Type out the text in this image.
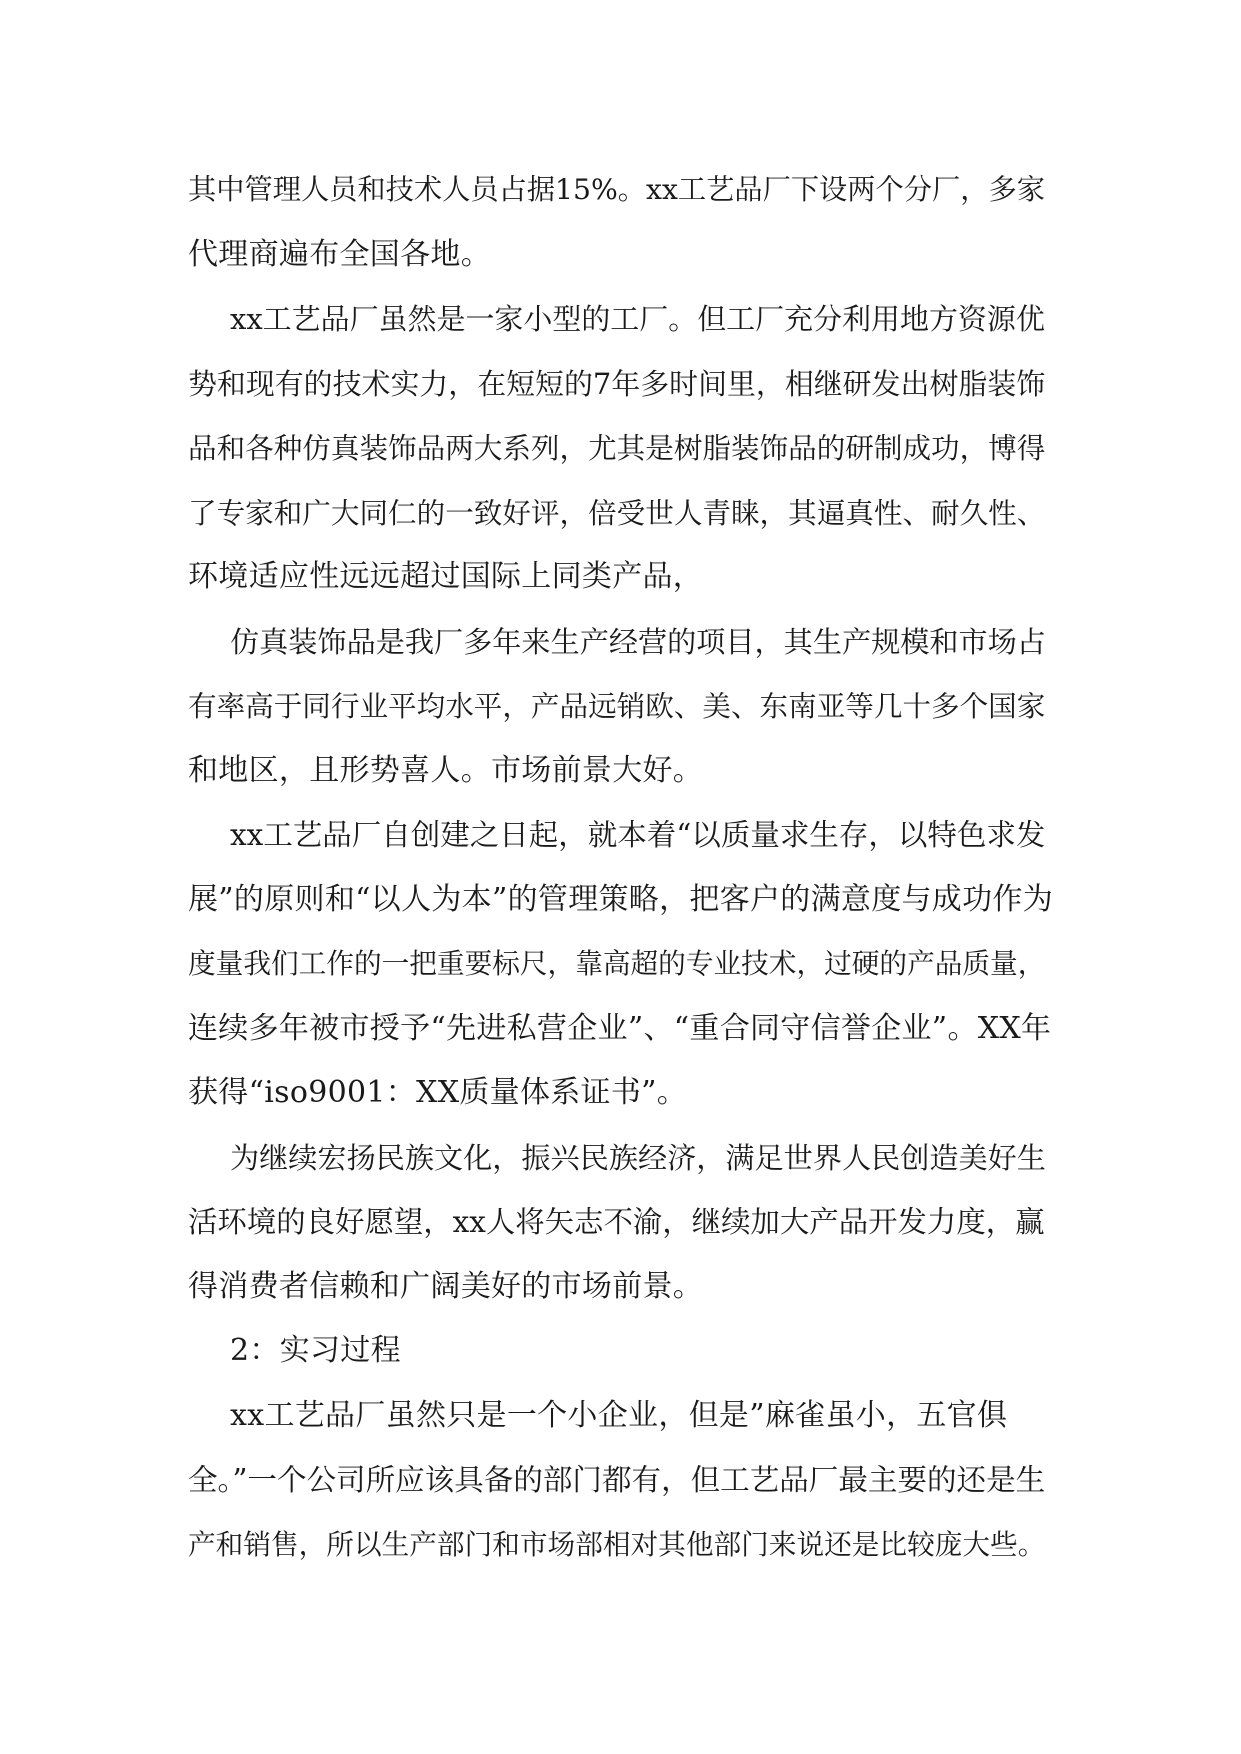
其中管理人员和技术人员占据15%。xx工艺品厂下设两个分厂，多家
代理商遍布全国各地。

xx工艺品厂虽然是一家小型的工厂。但工厂充分利用地方资源优
势和现有的技术实力，在短短的7年多时间里，相继研发出树脂装饰
品和各种仿真装饰品两大系列，尤其是树脂装饰品的研制成功，博得
了专家和广大同仁的一致好评，倍受世人青睐，其逼真性、耐久性、
环境适应性远远超过国际上同类产品，

仿真装饰品是我厂多年来生产经营的项目，其生产规模和市场占
有率高于同行业平均水平，产品远销欧、美、东南亚等几十多个国家
和地区，且形势喜人。市场前景大好。

xx工艺品厂自创建之日起，就本着“以质量求生存，以特色求发
展”的原则和“以人为本”的管理策略，把客户的满意度与成功作为
度量我们工作的一把重要标尺，靠高超的专业技术，过硬的产品质量，
连续多年被市授予“先进私营企业”、“重合同守信誉企业”。XX年
获得“iso9001：XX质量体系证书”。

为继续宏扬民族文化，振兴民族经济，满足世界人民创造美好生
活环境的良好愿望，xx人将矢志不渝，继续加大产品开发力度，赢
得消费者信赖和广阔美好的市场前景。

2：实习过程

xx工艺品厂虽然只是一个小企业，但是”麻雀虽小，五官俱
全。”一个公司所应该具备的部门都有，但工艺品厂最主要的还是生
产和销售，所以生产部门和市场部相对其他部门来说还是比较庞大些。
